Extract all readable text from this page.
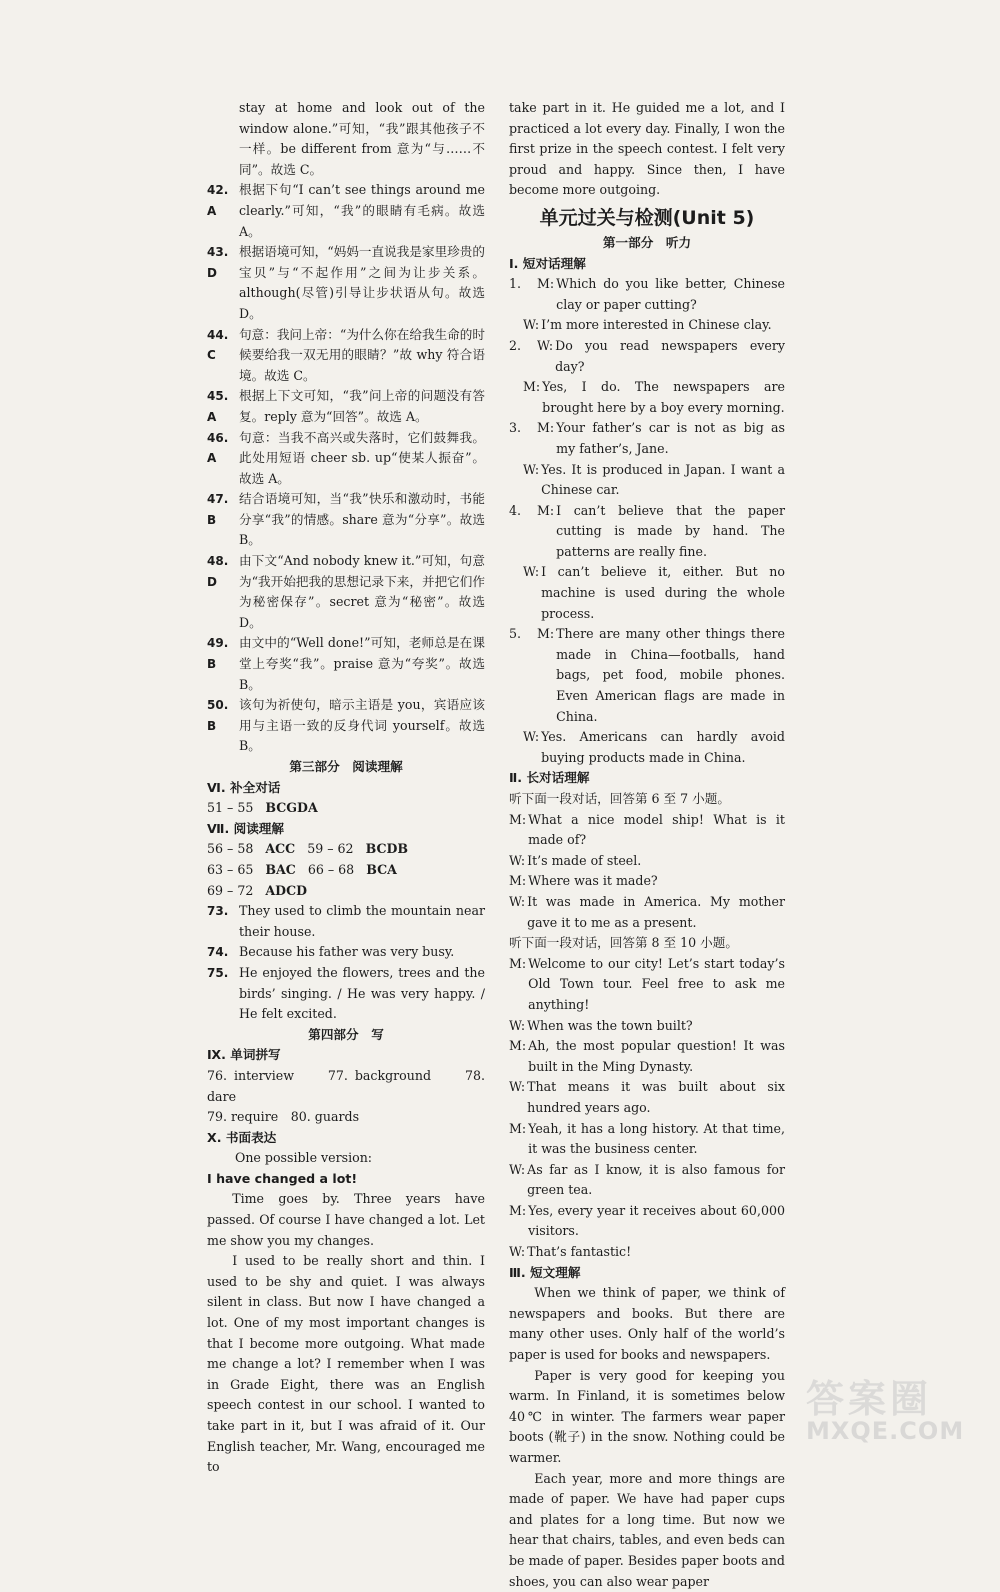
stay at home and look out of the window alone.”可知，“我”跟其他孩子不一样。be different from 意为“与……不同”。故选 C。

42. A
根据下句“I can’t see things around me clearly.”可知，“我”的眼睛有毛病。故选 A。
43. D
根据语境可知，“妈妈一直说我是家里珍贵的宝贝”与“不起作用”之间为让步关系。although(尽管)引导让步状语从句。故选 D。
44. C
句意：我问上帝：“为什么你在给我生命的时候要给我一双无用的眼睛？”故 why 符合语境。故选 C。
45. A
根据上下文可知，“我”问上帝的问题没有答复。reply 意为“回答”。故选 A。
46. A
句意：当我不高兴或失落时，它们鼓舞我。此处用短语 cheer sb. up“使某人振奋”。故选 A。
47. B
结合语境可知，当“我”快乐和激动时，书能分享“我”的情感。share 意为“分享”。故选 B。
48. D
由下文“And nobody knew it.”可知，句意为“我开始把我的思想记录下来，并把它们作为秘密保存”。secret 意为“秘密”。故选 D。
49. B
由文中的“Well done!”可知，老师总是在课堂上夸奖“我”。praise 意为“夸奖”。故选 B。
50. B
该句为祈使句，暗示主语是 you，宾语应该用与主语一致的反身代词 yourself。故选 B。

第三部分　阅读理解

Ⅵ. 补全对话

51 – 55 BCGDA

Ⅶ. 阅读理解

56 – 58 ACC 59 – 62 BCDB

63 – 65 BAC 66 – 68 BCA

69 – 72 ADCD

73. They used to climb the mountain near their house.
74. Because his father was very busy.
75. He enjoyed the flowers, trees and the birds’ singing. / He was very happy. / He felt excited.

第四部分　写

Ⅸ. 单词拼写

76. interview　　77. background　　78. dare

79. require　80. guards

Ⅹ. 书面表达

One possible version:

I have changed a lot!

Time goes by. Three years have passed. Of course I have changed a lot. Let me show you my changes.

I used to be really short and thin. I used to be shy and quiet. I was always silent in class. But now I have changed a lot. One of my most important changes is that I become more outgoing. What made me change a lot? I remember when I was in Grade Eight, there was an English speech contest in our school. I wanted to take part in it, but I was afraid of it. Our English teacher, Mr. Wang, encouraged me to

take part in it. He guided me a lot, and I practiced a lot every day. Finally, I won the first prize in the speech contest. I felt very proud and happy. Since then, I have become more outgoing.

单元过关与检测(Unit 5)

第一部分　听力

Ⅰ. 短对话理解

1.	M: Which do you like better, Chinese clay or paper cutting?
W: I’m more interested in Chinese clay.
2.	W: Do you read newspapers every day?
M: Yes, I do. The newspapers are brought here by a boy every morning.
3.	M: Your father’s car is not as big as my father’s, Jane.
W: Yes. It is produced in Japan. I want a Chinese car.
4.	M: I can’t believe that the paper cutting is made by hand. The patterns are really fine.
W: I can’t believe it, either. But no machine is used during the whole process.
5.	M: There are many other things there made in China—footballs, hand bags, pet food, mobile phones. Even American flags are made in China.
W: Yes. Americans can hardly avoid buying products made in China.

Ⅱ. 长对话理解

听下面一段对话，回答第 6 至 7 小题。

M: What a nice model ship! What is it made of?
W: It’s made of steel.
M: Where was it made?
W: It was made in America. My mother gave it to me as a present.

听下面一段对话，回答第 8 至 10 小题。

M: Welcome to our city! Let’s start today’s Old Town tour. Feel free to ask me anything!
W: When was the town built?
M: Ah, the most popular question! It was built in the Ming Dynasty.
W: That means it was built about six hundred years ago.
M: Yeah, it has a long history. At that time, it was the business center.
W: As far as I know, it is also famous for green tea.
M: Yes, every year it receives about 60,000 visitors.
W: That’s fantastic!

Ⅲ. 短文理解

When we think of paper, we think of newspapers and books. But there are many other uses. Only half of the world’s paper is used for books and newspapers.

Paper is very good for keeping you warm. In Finland, it is sometimes below 40℃ in winter. The farmers wear paper boots (靴子) in the snow. Nothing could be warmer.

Each year, more and more things are made of paper. We have had paper cups and plates for a long time. But now we hear that chairs, tables, and even beds can be made of paper. Besides paper boots and shoes, you can also wear paper

答案圈
MXQE.COM
